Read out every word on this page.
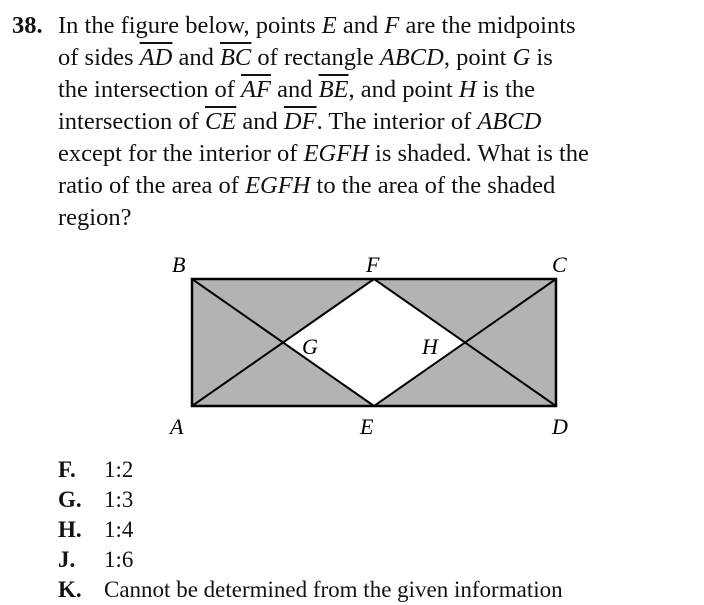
38. In the figure below, points E and F are the midpoints
of sides $\overline{AD}$ and $\overline{BC}$ of rectangle ABCD, point G is
the intersection of $\overline{AF}$ and $\overline{BE}$, and point H is the
intersection of $\overline{CE}$ and $\overline{DF}$. The interior of ABCD
except for the interior of EGFH is shaded. What is the
ratio of the area of EGFH to the area of the shaded
region?
B	F	C
G	H
A	E	D
F. 1:2
G. 1:3
H. 1:4
J. 1:6
K. Cannot be determined from the given information
